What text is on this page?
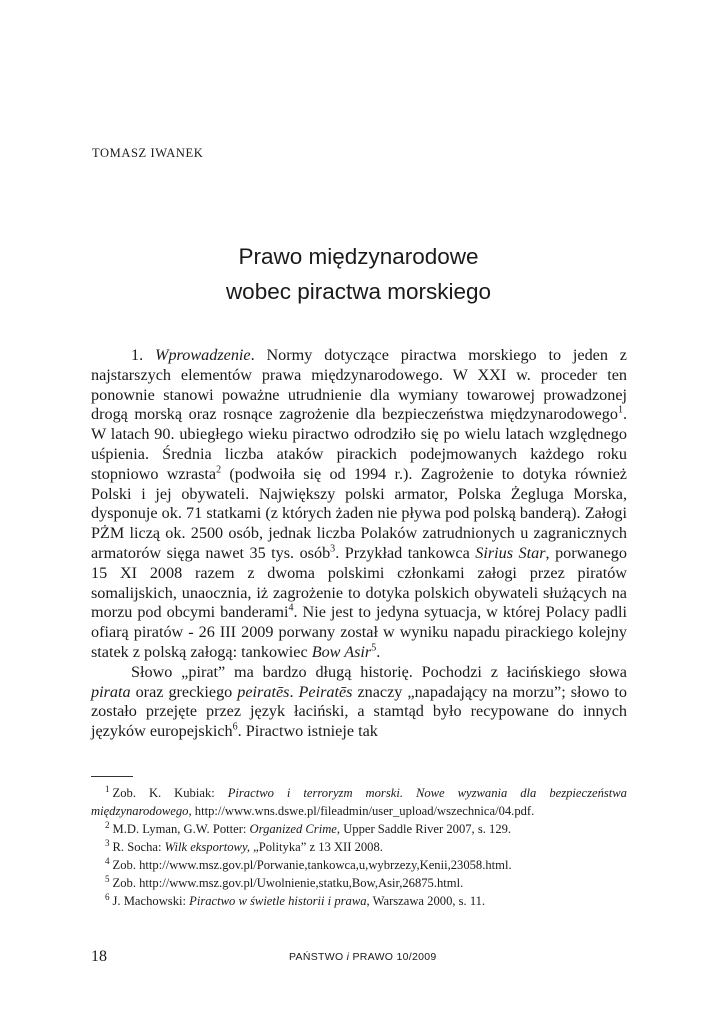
TOMASZ IWANEK
Prawo międzynarodowe
wobec piractwa morskiego

1. Wprowadzenie. Normy dotyczące piractwa morskiego to jeden z najstarszych elementów prawa międzynarodowego. W XXI w. proceder ten ponownie stanowi poważne utrudnienie dla wymiany towarowej prowadzonej drogą morską oraz rosnące zagrożenie dla bezpieczeństwa międzynarodowego$^1$. W latach 90. ubiegłego wieku piractwo odrodziło się po wielu latach względnego uśpienia. Średnia liczba ataków pirackich podejmowanych każdego roku stopniowo wzrasta$^2$ (podwoiła się od 1994 r.). Zagrożenie to dotyka również Polski i jej obywateli. Największy polski armator, Polska Żegluga Morska, dysponuje ok. 71 statkami (z których żaden nie pływa pod polską banderą). Załogi PŻM liczą ok. 2500 osób, jednak liczba Polaków zatrudnionych u zagranicznych armatorów sięga nawet 35 tys. osób$^3$. Przykład tankowca Sirius Star, porwanego 15 XI 2008 razem z dwoma polskimi członkami załogi przez piratów somalijskich, unaocznia, iż zagrożenie to dotyka polskich obywateli służących na morzu pod obcymi banderami$^4$. Nie jest to jedyna sytuacja, w której Polacy padli ofiarą piratów - 26 III 2009 porwany został w wyniku napadu pirackiego kolejny statek z polską załogą: tankowiec Bow Asir$^5$.

Słowo „pirat” ma bardzo długą historię. Pochodzi z łacińskiego słowa pirata oraz greckiego peiratēs. Peiratēs znaczy „napadający na morzu”; słowo to zostało przejęte przez język łaciński, a stamtąd było recypowane do innych języków europejskich$^6$. Piractwo istnieje tak

$^1$ Zob. K. Kubiak: Piractwo i terroryzm morski. Nowe wyzwania dla bezpieczeństwa międzynarodowego, http://www.wns.dswe.pl/fileadmin/user_upload/wszechnica/04.pdf.

$^2$ M.D. Lyman, G.W. Potter: Organized Crime, Upper Saddle River 2007, s. 129.

$^3$ R. Socha: Wilk eksportowy, „Polityka” z 13 XII 2008.

$^4$ Zob. http://www.msz.gov.pl/Porwanie,tankowca,u,wybrzezy,Kenii,23058.html.

$^5$ Zob. http://www.msz.gov.pl/Uwolnienie,statku,Bow,Asir,26875.html.

$^6$ J. Machowski: Piractwo w świetle historii i prawa, Warszawa 2000, s. 11.

18	PAŃSTWO i PRAWO 10/2009
